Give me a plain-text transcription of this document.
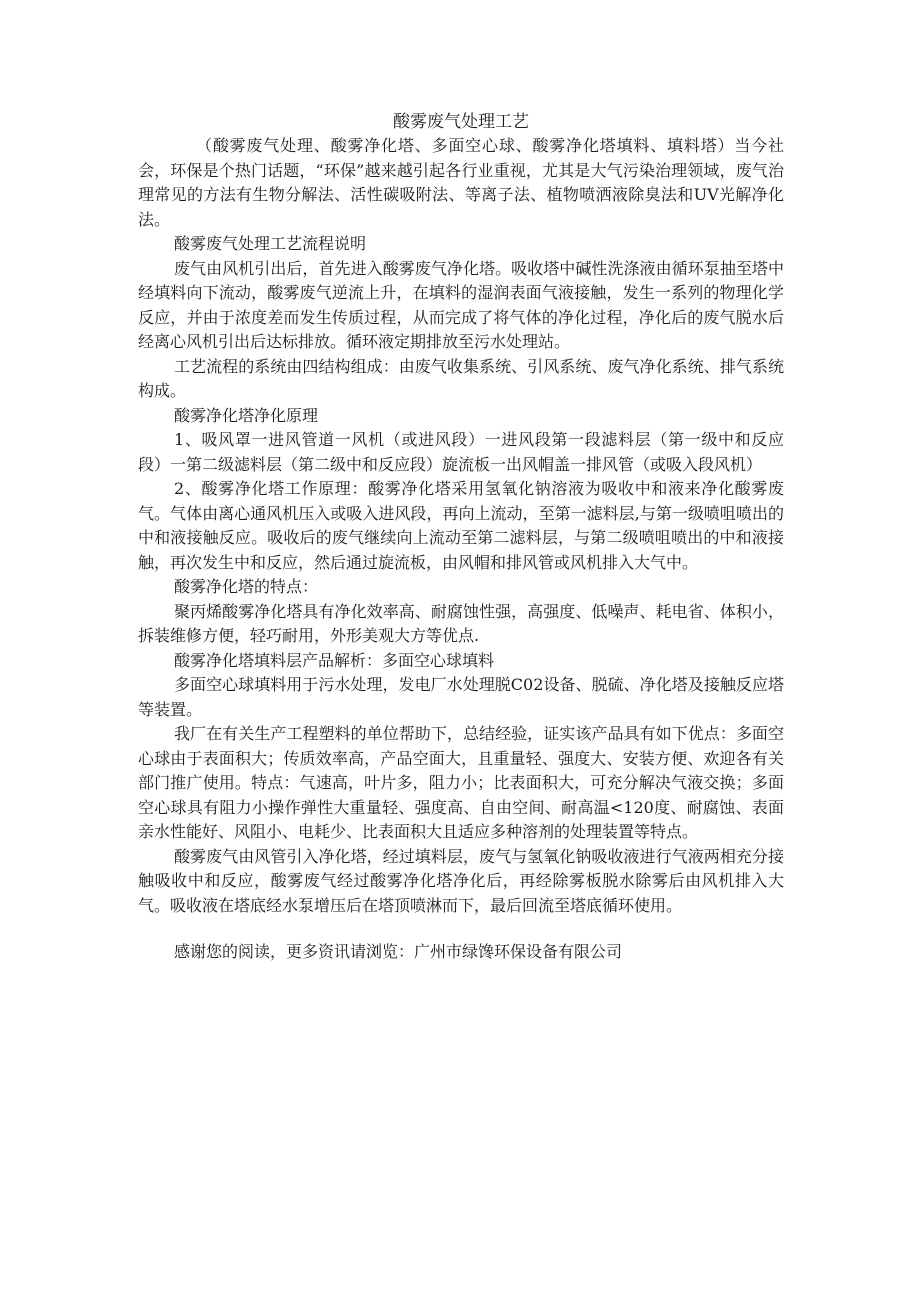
酸雾废气处理工艺

（酸雾废气处理、酸雾净化塔、多面空心球、酸雾净化塔填料、填料塔）当今社会，环保是个热门话题，“环保”越来越引起各行业重视，尤其是大气污染治理领域，废气治理常见的方法有生物分解法、活性碳吸附法、等离子法、植物喷洒液除臭法和UV光解净化法。

酸雾废气处理工艺流程说明

废气由风机引出后，首先进入酸雾废气净化塔。吸收塔中碱性洗涤液由循环泵抽至塔中经填料向下流动，酸雾废气逆流上升，在填料的湿润表面气液接触，发生一系列的物理化学反应，并由于浓度差而发生传质过程，从而完成了将气体的净化过程，净化后的废气脱水后经离心风机引出后达标排放。循环液定期排放至污水处理站。

工艺流程的系统由四结构组成：由废气收集系统、引风系统、废气净化系统、排气系统构成。

酸雾净化塔净化原理

1、吸风罩一进风管道一风机（或进风段）一进风段第一段滤料层（第一级中和反应段）一第二级滤料层（第二级中和反应段）旋流板一出风帽盖一排风管（或吸入段风机）

2、酸雾净化塔工作原理：酸雾净化塔采用氢氧化钠溶液为吸收中和液来净化酸雾废气。气体由离心通风机压入或吸入进风段，再向上流动，至第一滤料层,与第一级喷咀喷出的中和液接触反应。吸收后的废气继续向上流动至第二滤料层，与第二级喷咀喷出的中和液接触，再次发生中和反应，然后通过旋流板，由风帽和排风管或风机排入大气中。

酸雾净化塔的特点：

聚丙烯酸雾净化塔具有净化效率高、耐腐蚀性强，高强度、低噪声、耗电省、体积小，拆装维修方便，轻巧耐用，外形美观大方等优点.

酸雾净化塔填料层产品解析：多面空心球填料

多面空心球填料用于污水处理，发电厂水处理脱C02设备、脱硫、净化塔及接触反应塔等装置。

我厂在有关生产工程塑料的单位帮助下，总结经验，证实该产品具有如下优点：多面空心球由于表面积大；传质效率高，产品空面大，且重量轻、强度大、安装方便、欢迎各有关部门推广使用。特点：气速高，叶片多，阻力小；比表面积大，可充分解决气液交换；多面空心球具有阻力小操作弹性大重量轻、强度高、自由空间、耐高温<120度、耐腐蚀、表面亲水性能好、风阻小、电耗少、比表面积大且适应多种溶剂的处理装置等特点。

酸雾废气由风管引入净化塔，经过填料层，废气与氢氧化钠吸收液进行气液两相充分接触吸收中和反应，酸雾废气经过酸雾净化塔净化后，再经除雾板脱水除雾后由风机排入大气。吸收液在塔底经水泵增压后在塔顶喷淋而下，最后回流至塔底循环使用。

感谢您的阅读，更多资讯请浏览：广州市绿馋环保设备有限公司
